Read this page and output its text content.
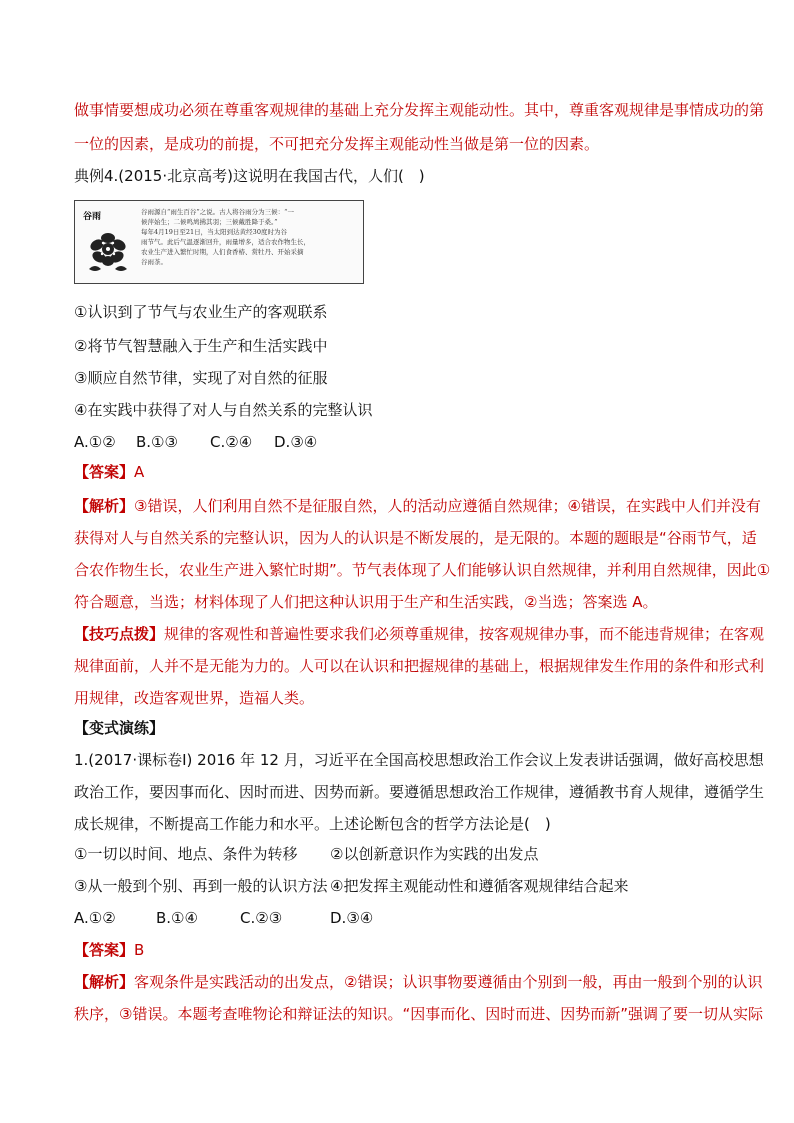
做事情要想成功必须在尊重客观规律的基础上充分发挥主观能动性。其中，尊重客观规律是事情成功的第
一位的因素，是成功的前提，不可把充分发挥主观能动性当做是第一位的因素。
典例4.(2015·北京高考)这说明在我国古代，人们(　)
谷雨	谷雨源自“雨生百谷”之说。古人将谷雨分为三候：“一
候萍始生；二候鸣鸠拂其羽；三候戴胜降于桑。”
每年4月19日至21日，当太阳到达黄经30度时为谷
雨节气。此后气温逐渐回升，雨量增多，适合农作物生长，
农业生产进入繁忙时期，人们食香椿、赏牡丹、开始采摘
谷雨茶。
①认识到了节气与农业生产的客观联系
②将节气智慧融入于生产和生活实践中
③顺应自然节律，实现了对自然的征服
④在实践中获得了对人与自然关系的完整认识
A.①② B.①③ C.②④ D.③④
【答案】A
【解析】③错误，人们利用自然不是征服自然，人的活动应遵循自然规律；④错误，在实践中人们并没有
获得对人与自然关系的完整认识，因为人的认识是不断发展的，是无限的。本题的题眼是“谷雨节气，适
合农作物生长，农业生产进入繁忙时期”。节气表体现了人们能够认识自然规律，并利用自然规律，因此①
符合题意，当选；材料体现了人们把这种认识用于生产和生活实践，②当选；答案选 A。
【技巧点拨】规律的客观性和普遍性要求我们必须尊重规律，按客观规律办事，而不能违背规律；在客观
规律面前，人并不是无能为力的。人可以在认识和把握规律的基础上，根据规律发生作用的条件和形式利
用规律，改造客观世界，造福人类。
【变式演练】
1.(2017·课标卷Ⅰ) 2016 年 12 月，习近平在全国高校思想政治工作会议上发表讲话强调，做好高校思想
政治工作，要因事而化、因时而进、因势而新。要遵循思想政治工作规律，遵循教书育人规律，遵循学生
成长规律，不断提高工作能力和水平。上述论断包含的哲学方法论是(　)
①一切以时间、地点、条件为转移 ②以创新意识作为实践的出发点
③从一般到个别、再到一般的认识方法 ④把发挥主观能动性和遵循客观规律结合起来
A.①②	B.①④	C.②③	D.③④
【答案】B
【解析】客观条件是实践活动的出发点，②错误；认识事物要遵循由个别到一般，再由一般到个别的认识
秩序，③错误。本题考查唯物论和辩证法的知识。“因事而化、因时而进、因势而新”强调了要一切从实际
